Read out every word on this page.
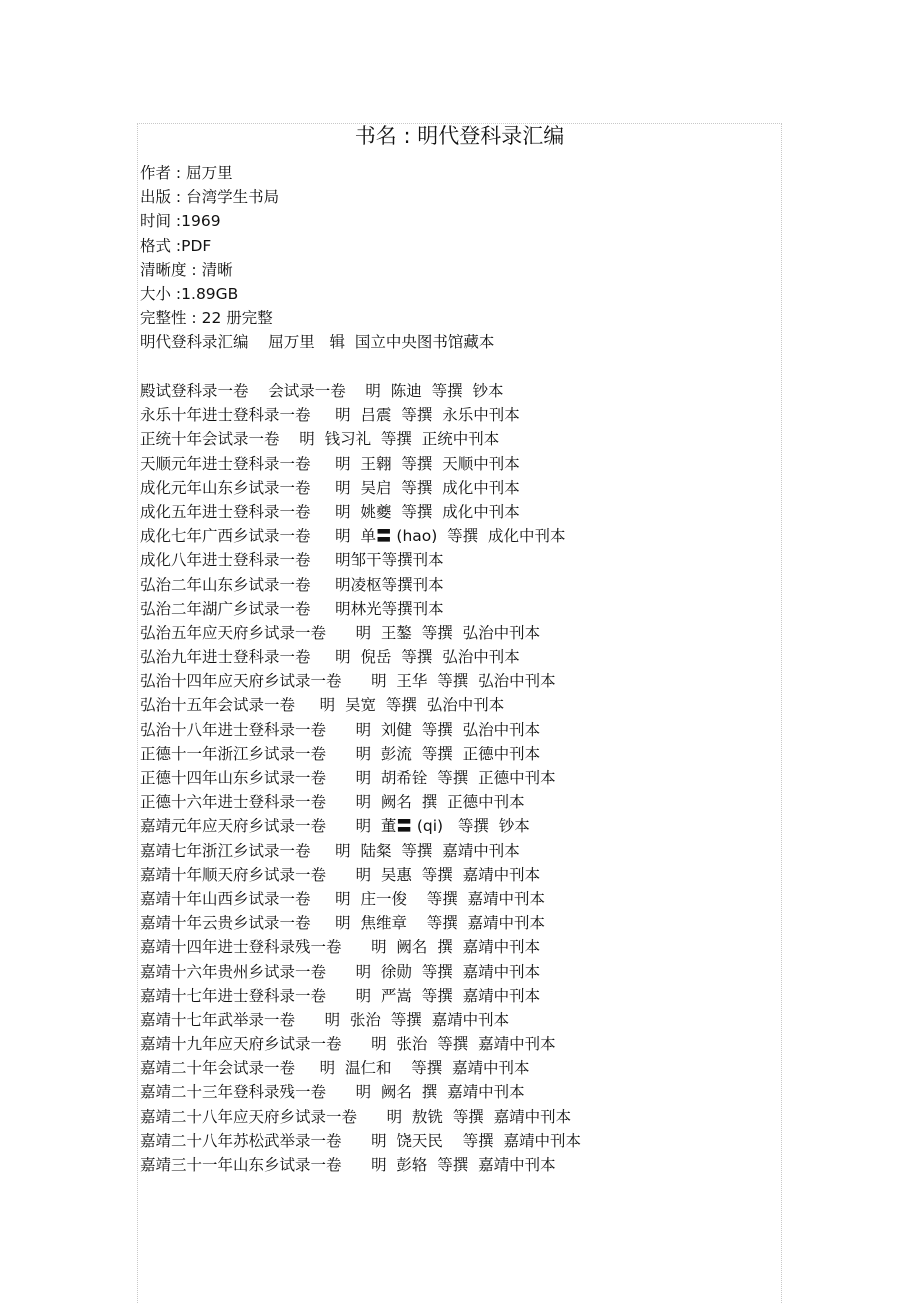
书名 : 明代登科录汇编
作者 : 屈万里
出版 : 台湾学生书局
时间 :1969
格式 :PDF
清晰度 : 清晰
大小 :1.89GB
完整性 : 22 册完整
明代登科录汇编    屈万里   辑  国立中央图书馆藏本
殿试登科录一卷    会试录一卷    明  陈迪  等撰  钞本
永乐十年进士登科录一卷     明  吕震  等撰  永乐中刊本
正统十年会试录一卷    明  钱习礼  等撰  正统中刊本
天顺元年进士登科录一卷     明  王翱  等撰  天顺中刊本
成化元年山东乡试录一卷     明  吴启  等撰  成化中刊本
成化五年进士登科录一卷     明  姚夔  等撰  成化中刊本
成化七年广西乡试录一卷     明  单〓 (hao)  等撰  成化中刊本
成化八年进士登科录一卷     明邹干等撰刊本
弘治二年山东乡试录一卷     明凌枢等撰刊本
弘治二年湖广乡试录一卷     明林光等撰刊本
弘治五年应天府乡试录一卷      明  王鏊  等撰  弘治中刊本
弘治九年进士登科录一卷     明  倪岳  等撰  弘治中刊本
弘治十四年应天府乡试录一卷      明  王华  等撰  弘治中刊本
弘治十五年会试录一卷     明  吴宽  等撰  弘治中刊本
弘治十八年进士登科录一卷      明  刘健  等撰  弘治中刊本
正德十一年浙江乡试录一卷      明  彭流  等撰  正德中刊本
正德十四年山东乡试录一卷      明  胡希铨  等撰  正德中刊本
正德十六年进士登科录一卷      明  阙名  撰  正德中刊本
嘉靖元年应天府乡试录一卷      明  董〓 (qi)   等撰  钞本
嘉靖七年浙江乡试录一卷     明  陆粲  等撰  嘉靖中刊本
嘉靖十年顺天府乡试录一卷      明  吴惠  等撰  嘉靖中刊本
嘉靖十年山西乡试录一卷     明  庄一俊    等撰  嘉靖中刊本
嘉靖十年云贵乡试录一卷     明  焦维章    等撰  嘉靖中刊本
嘉靖十四年进士登科录残一卷      明  阙名  撰  嘉靖中刊本
嘉靖十六年贵州乡试录一卷      明  徐勋  等撰  嘉靖中刊本
嘉靖十七年进士登科录一卷      明  严嵩  等撰  嘉靖中刊本
嘉靖十七年武举录一卷      明  张治  等撰  嘉靖中刊本
嘉靖十九年应天府乡试录一卷      明  张治  等撰  嘉靖中刊本
嘉靖二十年会试录一卷     明  温仁和    等撰  嘉靖中刊本
嘉靖二十三年登科录残一卷      明  阙名  撰  嘉靖中刊本
嘉靖二十八年应天府乡试录一卷      明  敖铣  等撰  嘉靖中刊本
嘉靖二十八年苏松武举录一卷      明  饶天民    等撰  嘉靖中刊本
嘉靖三十一年山东乡试录一卷      明  彭辂  等撰  嘉靖中刊本
